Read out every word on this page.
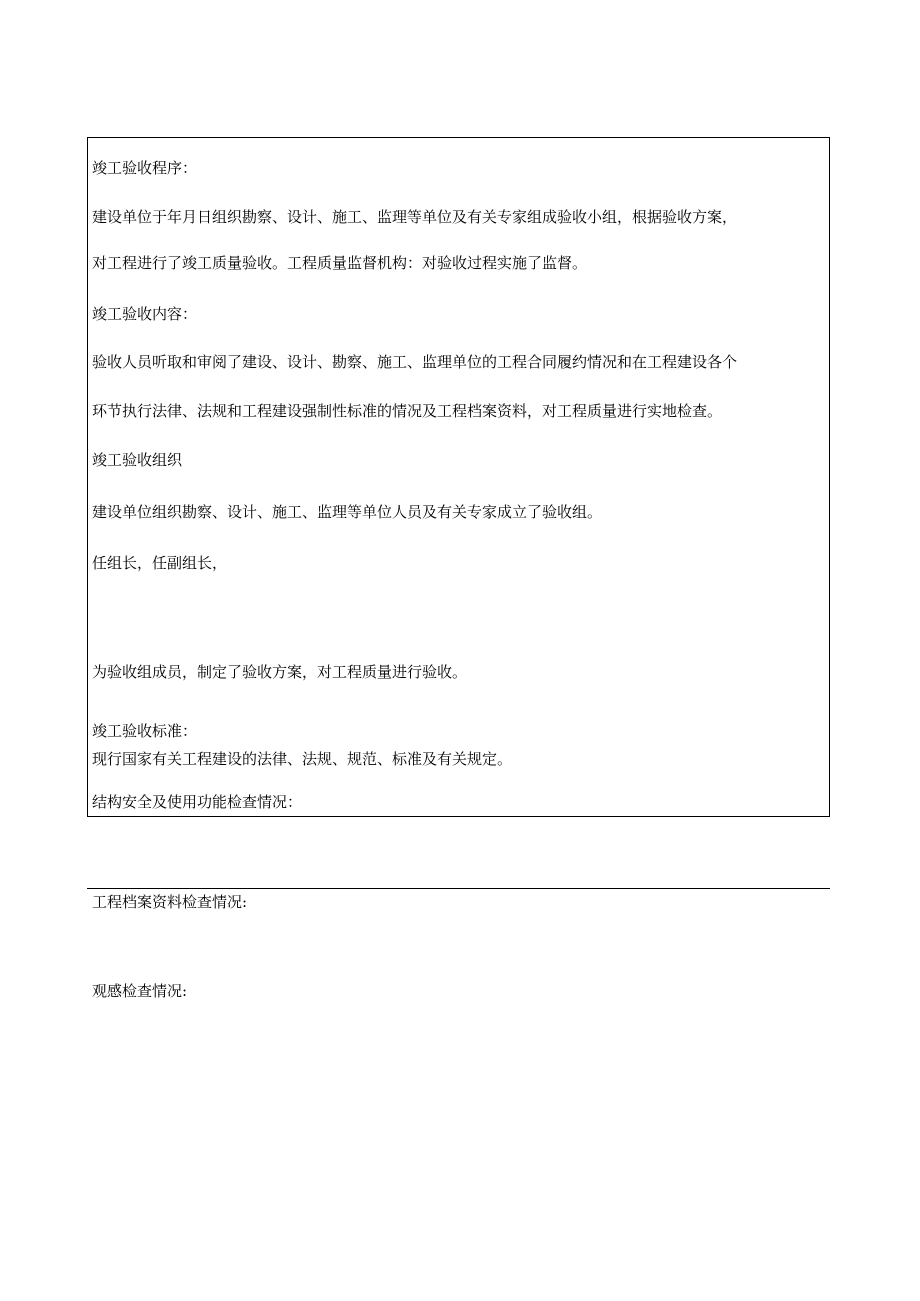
竣工验收程序：
建设单位于年月日组织勘察、设计、施工、监理等单位及有关专家组成验收小组，根据验收方案，
对工程进行了竣工质量验收。工程质量监督机构：对验收过程实施了监督。
竣工验收内容：
验收人员听取和审阅了建设、设计、勘察、施工、监理单位的工程合同履约情况和在工程建设各个
环节执行法律、法规和工程建设强制性标准的情况及工程档案资料，对工程质量进行实地检查。
竣工验收组织
建设单位组织勘察、设计、施工、监理等单位人员及有关专家成立了验收组。
任组长，任副组长，
为验收组成员，制定了验收方案，对工程质量进行验收。
竣工验收标准：
现行国家有关工程建设的法律、法规、规范、标准及有关规定。
结构安全及使用功能检查情况：
工程档案资料检查情况:
观感检查情况:
